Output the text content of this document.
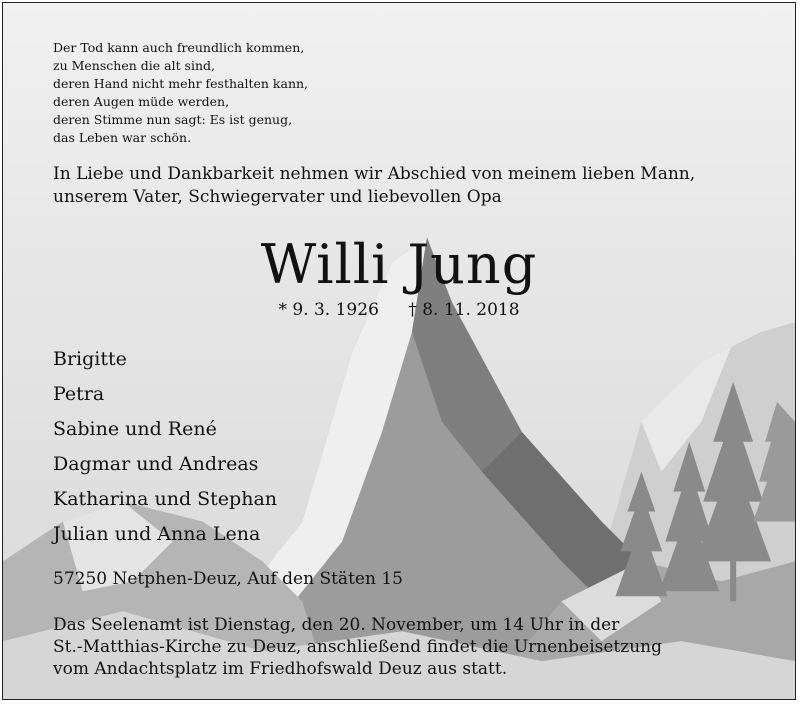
Der Tod kann auch freundlich kommen,
zu Menschen die alt sind,
deren Hand nicht mehr festhalten kann,
deren Augen müde werden,
deren Stimme nun sagt: Es ist genug,
das Leben war schön.
In Liebe und Dankbarkeit nehmen wir Abschied von meinem lieben Mann,
unserem Vater, Schwiegervater und liebevollen Opa
Willi Jung
* 9. 3. 1926 † 8. 11. 2018
Brigitte
Petra
Sabine und René
Dagmar und Andreas
Katharina und Stephan
Julian und Anna Lena
57250 Netphen-Deuz, Auf den Stäten 15
Das Seelenamt ist Dienstag, den 20. November, um 14 Uhr in der
St.-Matthias-Kirche zu Deuz, anschließend findet die Urnenbeisetzung
vom Andachtsplatz im Friedhofswald Deuz aus statt.
